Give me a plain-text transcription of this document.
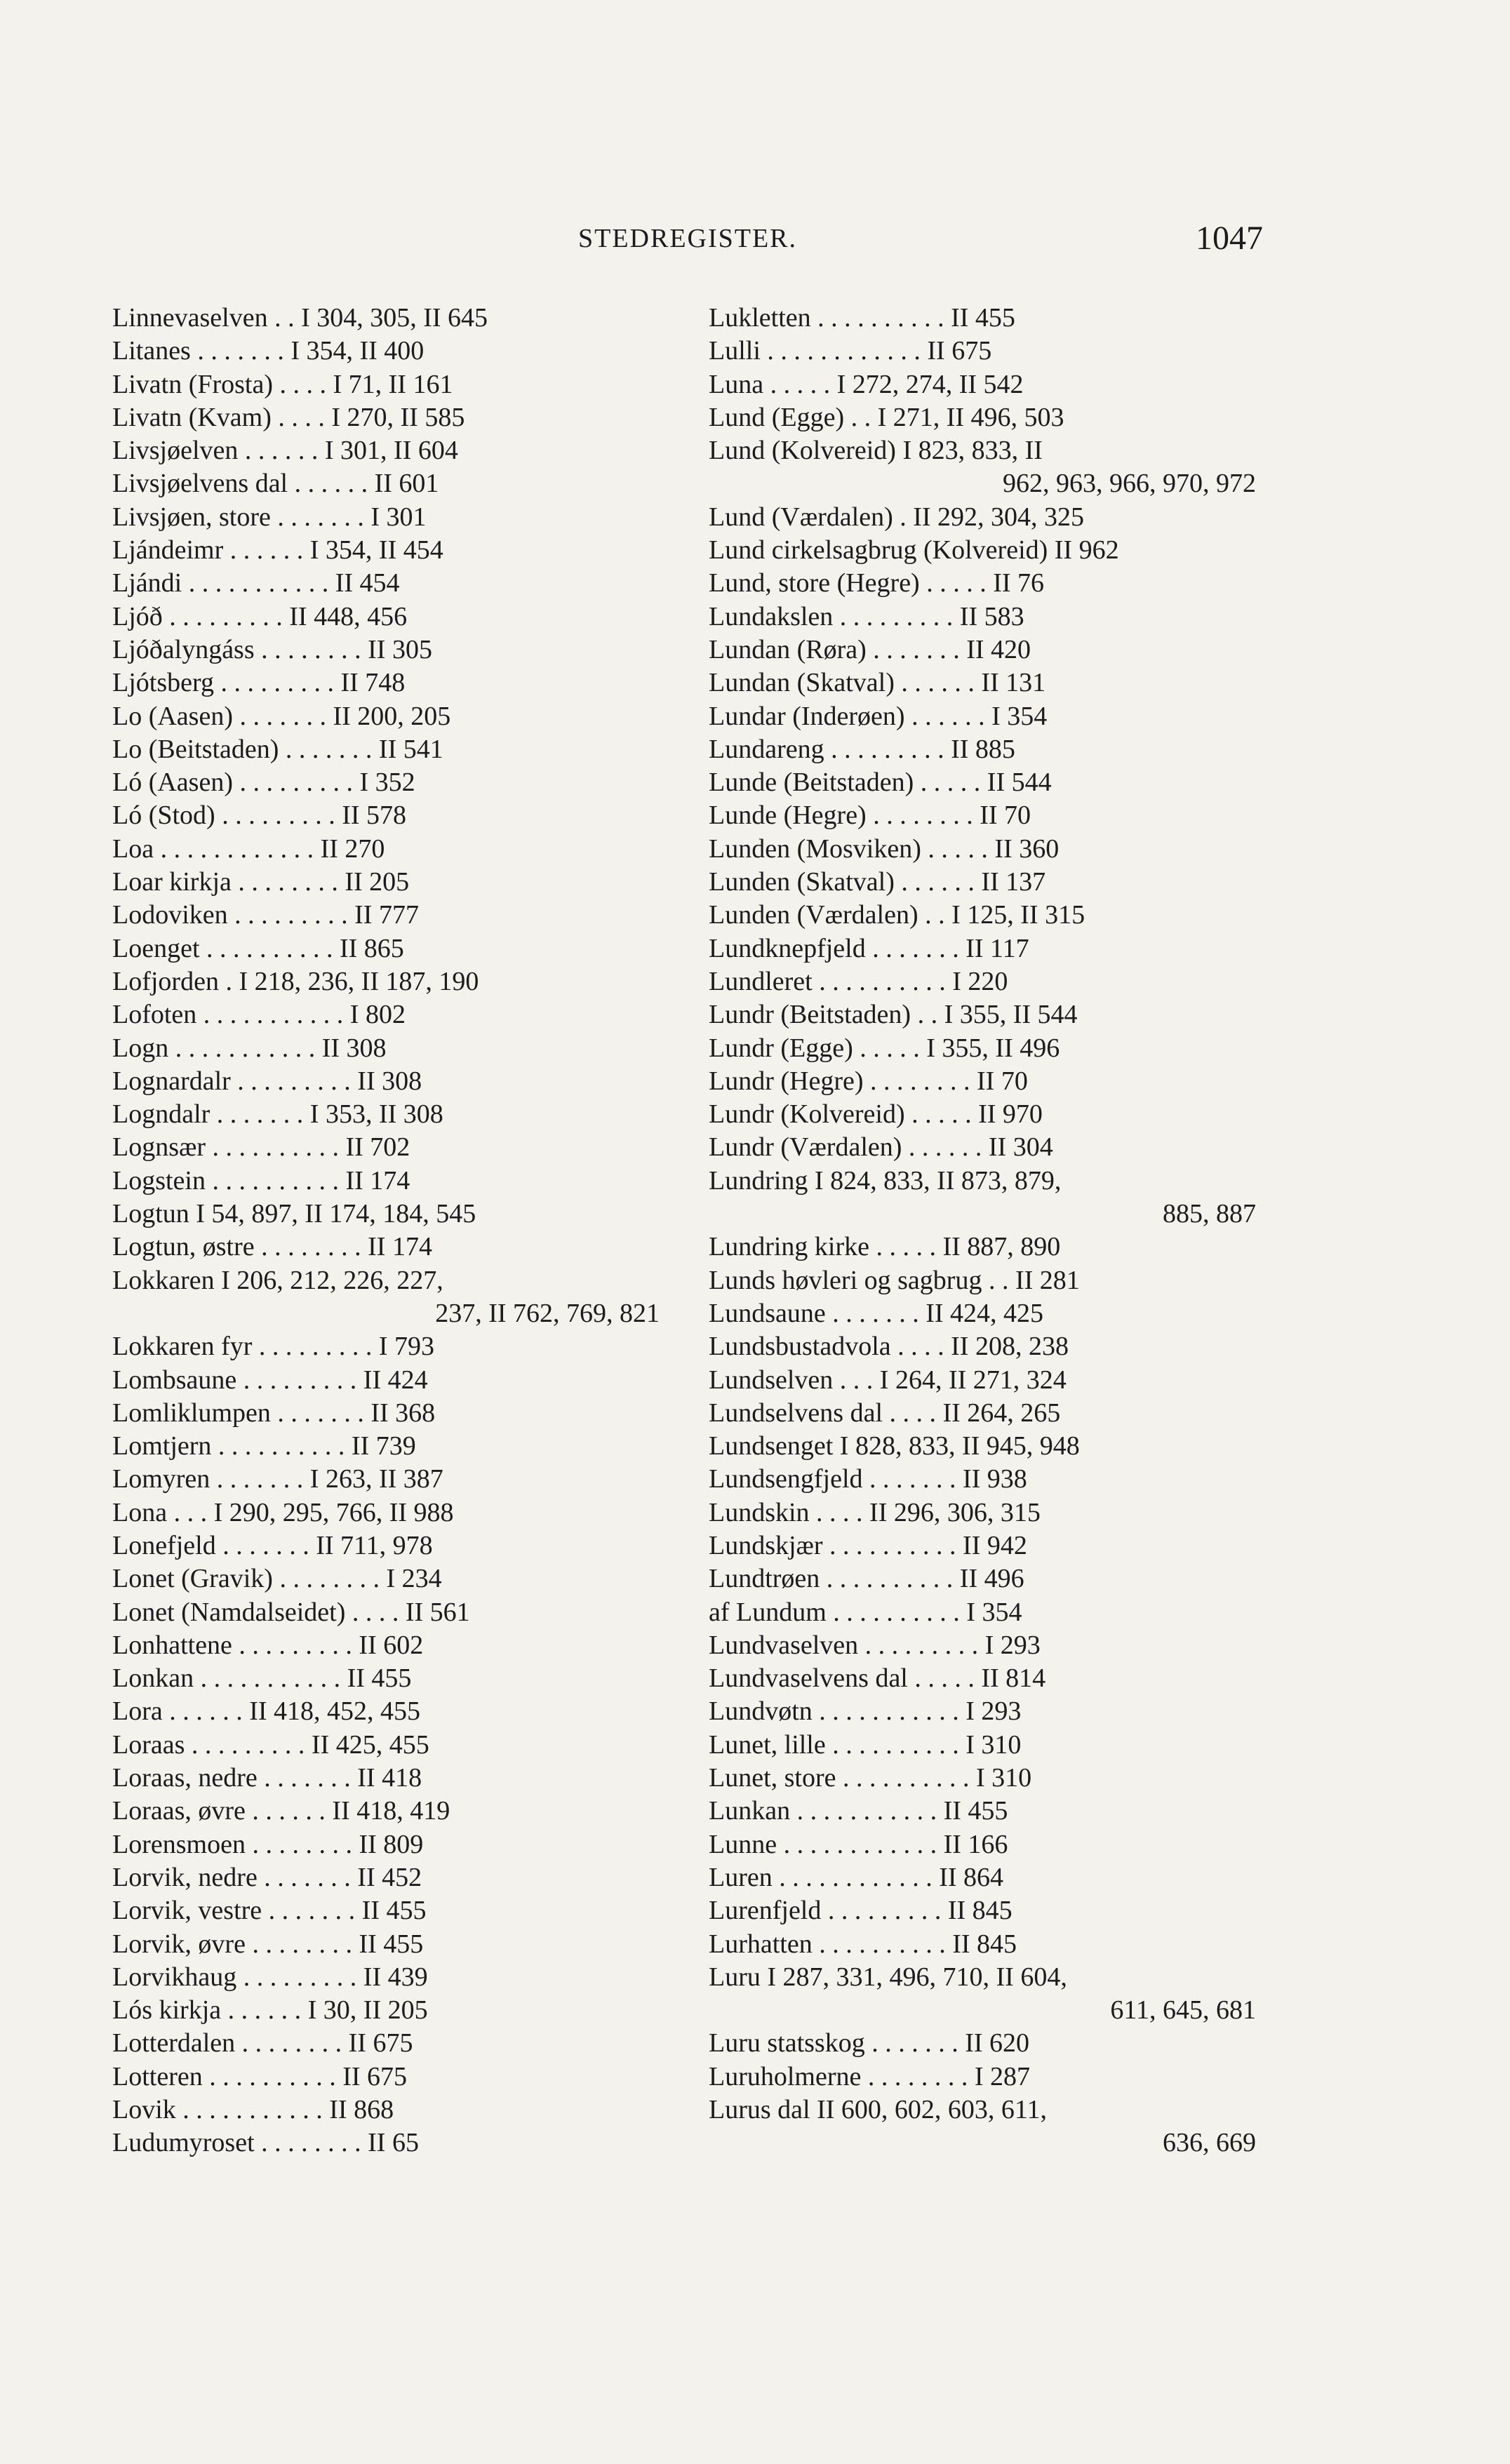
STEDREGISTER.	1047
Linnevaselven . . I 304, 305, II 645
Litanes . . . . . . . I 354, II 400
Livatn (Frosta) . . . . I 71, II 161
Livatn (Kvam) . . . . I 270, II 585
Livsjøelven . . . . . . I 301, II 604
Livsjøelvens dal . . . . . . II 601
Livsjøen, store . . . . . . . I 301
Ljándeimr . . . . . . I 354, II 454
Ljándi . . . . . . . . . . . II 454
Ljóð . . . . . . . . . II 448, 456
Ljóðalyngáss . . . . . . . . II 305
Ljótsberg . . . . . . . . . II 748
Lo (Aasen) . . . . . . . II 200, 205
Lo (Beitstaden) . . . . . . . II 541
Ló (Aasen) . . . . . . . . . I 352
Ló (Stod) . . . . . . . . . II 578
Loa . . . . . . . . . . . . II 270
Loar kirkja . . . . . . . . II 205
Lodoviken . . . . . . . . . II 777
Loenget . . . . . . . . . . II 865
Lofjorden . I 218, 236, II 187, 190
Lofoten . . . . . . . . . . . I 802
Logn . . . . . . . . . . . II 308
Lognardalr . . . . . . . . . II 308
Logndalr . . . . . . . I 353, II 308
Lognsær . . . . . . . . . . II 702
Logstein . . . . . . . . . . II 174
Logtun I 54, 897, II 174, 184, 545
Logtun, østre . . . . . . . . II 174
Lokkaren I 206, 212, 226, 227,
237, II 762, 769, 821
Lokkaren fyr . . . . . . . . . I 793
Lombsaune . . . . . . . . . II 424
Lomliklumpen . . . . . . . II 368
Lomtjern . . . . . . . . . . II 739
Lomyren . . . . . . . I 263, II 387
Lona . . . I 290, 295, 766, II 988
Lonefjeld . . . . . . . II 711, 978
Lonet (Gravik) . . . . . . . . I 234
Lonet (Namdalseidet) . . . . II 561
Lonhattene . . . . . . . . . II 602
Lonkan . . . . . . . . . . . II 455
Lora . . . . . . II 418, 452, 455
Loraas . . . . . . . . . II 425, 455
Loraas, nedre . . . . . . . II 418
Loraas, øvre . . . . . . II 418, 419
Lorensmoen . . . . . . . . II 809
Lorvik, nedre . . . . . . . II 452
Lorvik, vestre . . . . . . . II 455
Lorvik, øvre . . . . . . . . II 455
Lorvikhaug . . . . . . . . . II 439
Lós kirkja . . . . . . I 30, II 205
Lotterdalen . . . . . . . . II 675
Lotteren . . . . . . . . . . II 675
Lovik . . . . . . . . . . . II 868
Ludumyroset . . . . . . . . II 65
Lukletten . . . . . . . . . . II 455
Lulli . . . . . . . . . . . . II 675
Luna . . . . . I 272, 274, II 542
Lund (Egge) . . I 271, II 496, 503
Lund (Kolvereid) I 823, 833, II
962, 963, 966, 970, 972
Lund (Værdalen) . II 292, 304, 325
Lund cirkelsagbrug (Kolvereid) II 962
Lund, store (Hegre) . . . . . II 76
Lundakslen . . . . . . . . . II 583
Lundan (Røra) . . . . . . . II 420
Lundan (Skatval) . . . . . . II 131
Lundar (Inderøen) . . . . . . I 354
Lundareng . . . . . . . . . II 885
Lunde (Beitstaden) . . . . . II 544
Lunde (Hegre) . . . . . . . . II 70
Lunden (Mosviken) . . . . . II 360
Lunden (Skatval) . . . . . . II 137
Lunden (Værdalen) . . I 125, II 315
Lundknepfjeld . . . . . . . II 117
Lundleret . . . . . . . . . . I 220
Lundr (Beitstaden) . . I 355, II 544
Lundr (Egge) . . . . . I 355, II 496
Lundr (Hegre) . . . . . . . . II 70
Lundr (Kolvereid) . . . . . II 970
Lundr (Værdalen) . . . . . . II 304
Lundring I 824, 833, II 873, 879,
885, 887
Lundring kirke . . . . . II 887, 890
Lunds høvleri og sagbrug . . II 281
Lundsaune . . . . . . . II 424, 425
Lundsbustadvola . . . . II 208, 238
Lundselven . . . I 264, II 271, 324
Lundselvens dal . . . . II 264, 265
Lundsenget I 828, 833, II 945, 948
Lundsengfjeld . . . . . . . II 938
Lundskin . . . . II 296, 306, 315
Lundskjær . . . . . . . . . . II 942
Lundtrøen . . . . . . . . . . II 496
af Lundum . . . . . . . . . . I 354
Lundvaselven . . . . . . . . . I 293
Lundvaselvens dal . . . . . II 814
Lundvøtn . . . . . . . . . . . I 293
Lunet, lille . . . . . . . . . . I 310
Lunet, store . . . . . . . . . . I 310
Lunkan . . . . . . . . . . . II 455
Lunne . . . . . . . . . . . . II 166
Luren . . . . . . . . . . . . II 864
Lurenfjeld . . . . . . . . . II 845
Lurhatten . . . . . . . . . . II 845
Luru I 287, 331, 496, 710, II 604,
611, 645, 681
Luru statsskog . . . . . . . II 620
Luruholmerne . . . . . . . . I 287
Lurus dal II 600, 602, 603, 611,
636, 669
